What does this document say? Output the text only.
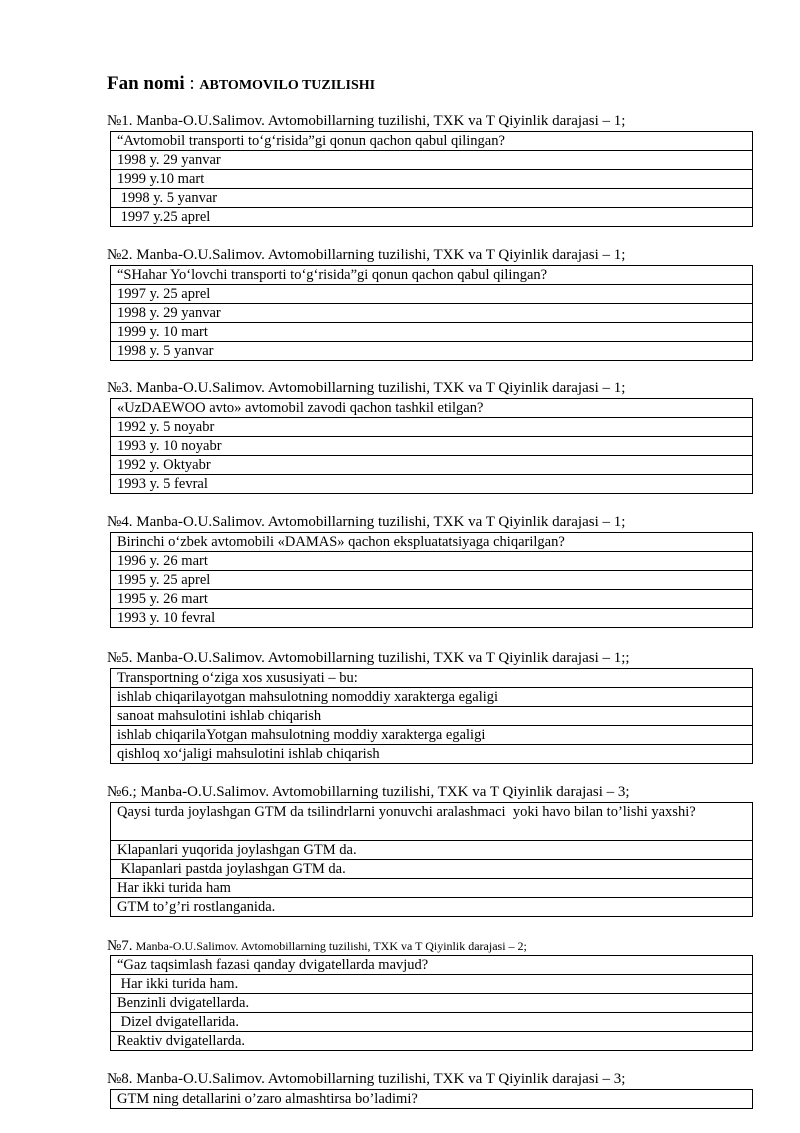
Fan nomi : ABTOMOVILO TUZILISHI
№1. Manba-O.U.Salimov. Avtomobillarning tuzilishi, TXK va T Qiyinlik darajasi – 1;
“Avtomobil transporti to‘g‘risida”gi qonun qachon qabul qilingan?
1998 y. 29 yanvar
1999 y.10 mart
1998 y. 5 yanvar
1997 y.25 aprel
№2. Manba-O.U.Salimov. Avtomobillarning tuzilishi, TXK va T Qiyinlik darajasi – 1;
“SHahar Yo‘lovchi transporti to‘g‘risida”gi qonun qachon qabul qilingan?
1997 y. 25 aprel
1998 y. 29 yanvar
1999 y. 10 mart
1998 y. 5 yanvar
№3. Manba-O.U.Salimov. Avtomobillarning tuzilishi, TXK va T Qiyinlik darajasi – 1;
«UzDAEWOO avto» avtomobil zavodi qachon tashkil etilgan?
1992 y. 5 noyabr
1993 y. 10 noyabr
1992 y. Oktyabr
1993 y. 5 fevral
№4. Manba-O.U.Salimov. Avtomobillarning tuzilishi, TXK va T Qiyinlik darajasi – 1;
Birinchi o‘zbek avtomobili «DAMAS» qachon ekspluatatsiyaga chiqarilgan?
1996 y. 26 mart
1995 y. 25 aprel
1995 y. 26 mart
1993 y. 10 fevral
№5. Manba-O.U.Salimov. Avtomobillarning tuzilishi, TXK va T Qiyinlik darajasi – 1;;
Transportning o‘ziga xos xususiyati – bu:
ishlab chiqarilayotgan mahsulotning nomoddiy xarakterga egaligi
sanoat mahsulotini ishlab chiqarish
ishlab chiqarilaYotgan mahsulotning moddiy xarakterga egaligi
qishloq xo‘jaligi mahsulotini ishlab chiqarish
№6.; Manba-O.U.Salimov. Avtomobillarning tuzilishi, TXK va T Qiyinlik darajasi – 3;
Qaysi turda joylashgan GTM da tsilindrlarni yonuvchi aralashmaci  yoki havo bilan to’lishi yaxshi?
Klapanlari yuqorida joylashgan GTM da.
Klapanlari pastda joylashgan GTM da.
Har ikki turida ham
GTM to’g’ri rostlanganida.
№7. Manba-O.U.Salimov. Avtomobillarning tuzilishi, TXK va T Qiyinlik darajasi – 2;
“Gaz taqsimlash fazasi qanday dvigatellarda mavjud?
Har ikki turida ham.
Benzinli dvigatellarda.
Dizel dvigatellarida.
Reaktiv dvigatellarda.
№8. Manba-O.U.Salimov. Avtomobillarning tuzilishi, TXK va T Qiyinlik darajasi – 3;
GTM ning detallarini o’zaro almashtirsa bo’ladimi?
